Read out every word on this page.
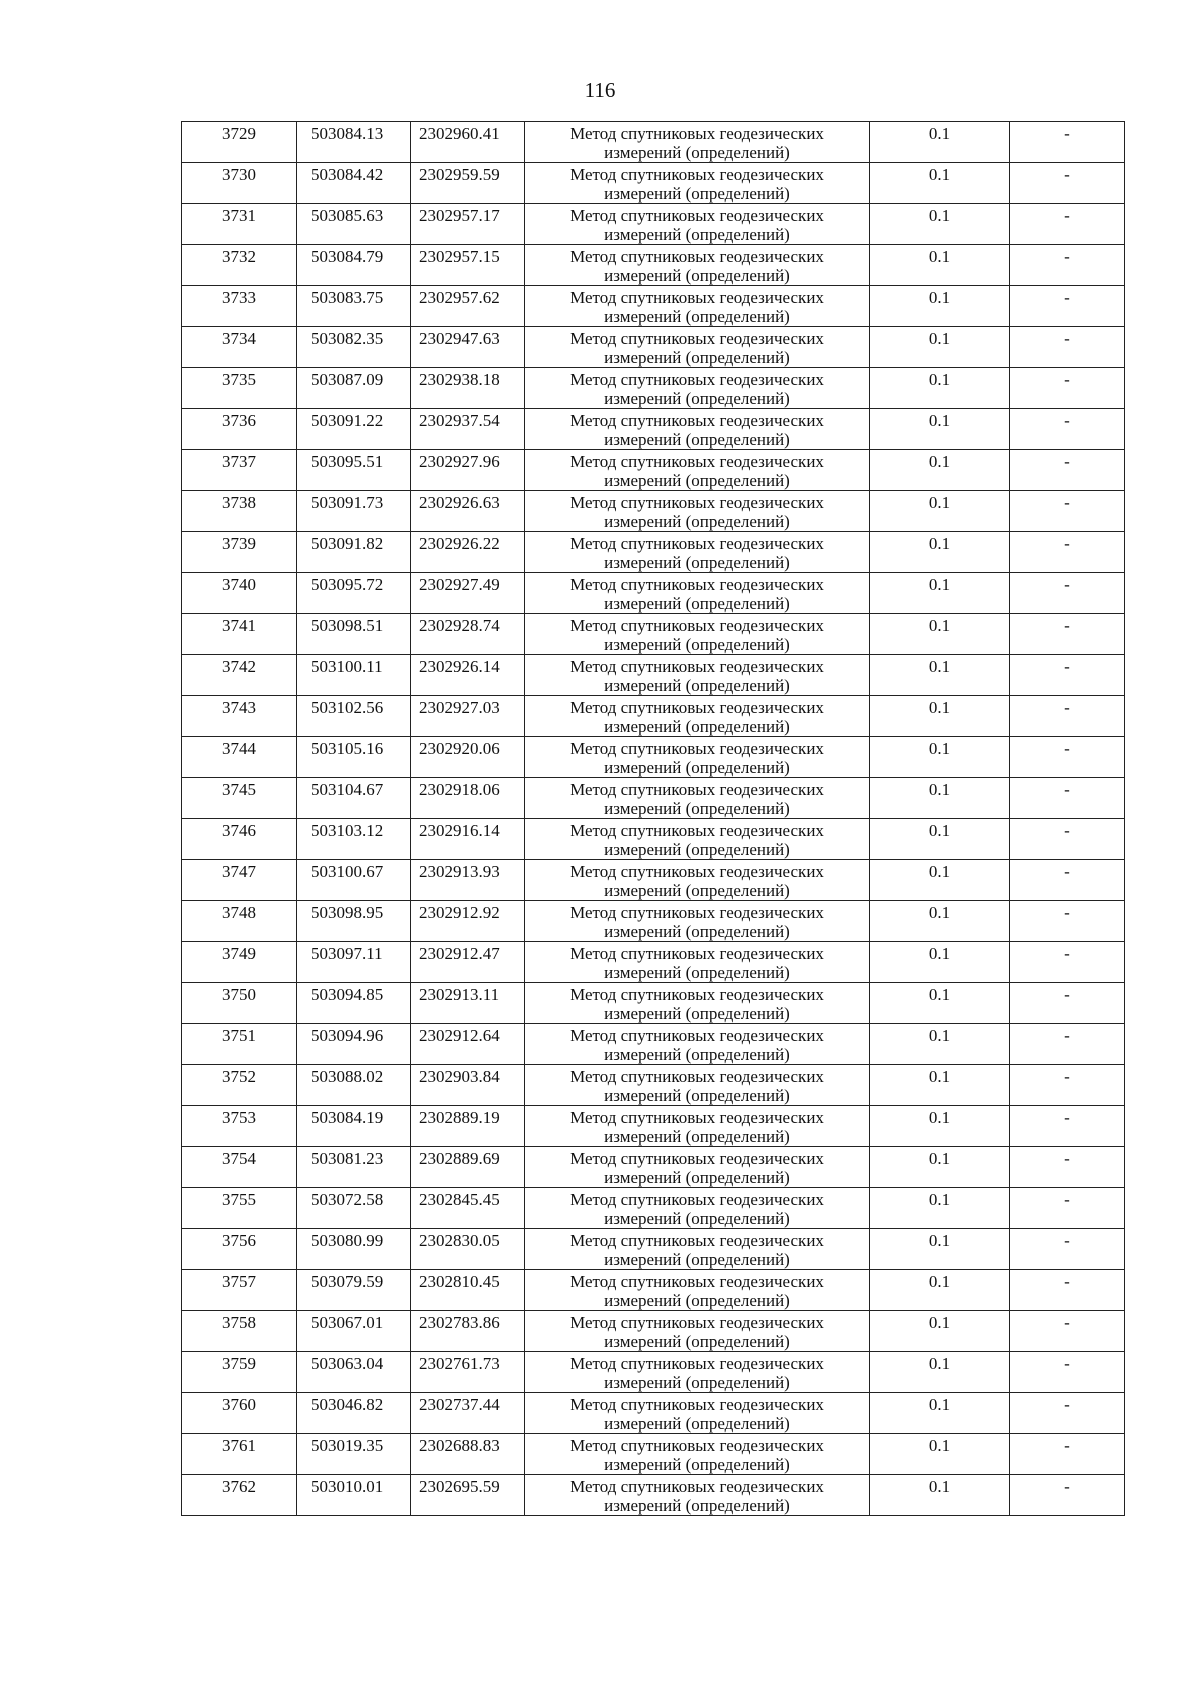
116
3729	503084.13	2302960.41	Метод спутниковых геодезических
измерений (определений)	0.1	-

3730	503084.42	2302959.59	Метод спутниковых геодезических
измерений (определений)	0.1	-

3731	503085.63	2302957.17	Метод спутниковых геодезических
измерений (определений)	0.1	-

3732	503084.79	2302957.15	Метод спутниковых геодезических
измерений (определений)	0.1	-

3733	503083.75	2302957.62	Метод спутниковых геодезических
измерений (определений)	0.1	-

3734	503082.35	2302947.63	Метод спутниковых геодезических
измерений (определений)	0.1	-

3735	503087.09	2302938.18	Метод спутниковых геодезических
измерений (определений)	0.1	-

3736	503091.22	2302937.54	Метод спутниковых геодезических
измерений (определений)	0.1	-

3737	503095.51	2302927.96	Метод спутниковых геодезических
измерений (определений)	0.1	-

3738	503091.73	2302926.63	Метод спутниковых геодезических
измерений (определений)	0.1	-

3739	503091.82	2302926.22	Метод спутниковых геодезических
измерений (определений)	0.1	-

3740	503095.72	2302927.49	Метод спутниковых геодезических
измерений (определений)	0.1	-

3741	503098.51	2302928.74	Метод спутниковых геодезических
измерений (определений)	0.1	-

3742	503100.11	2302926.14	Метод спутниковых геодезических
измерений (определений)	0.1	-

3743	503102.56	2302927.03	Метод спутниковых геодезических
измерений (определений)	0.1	-

3744	503105.16	2302920.06	Метод спутниковых геодезических
измерений (определений)	0.1	-

3745	503104.67	2302918.06	Метод спутниковых геодезических
измерений (определений)	0.1	-

3746	503103.12	2302916.14	Метод спутниковых геодезических
измерений (определений)	0.1	-

3747	503100.67	2302913.93	Метод спутниковых геодезических
измерений (определений)	0.1	-

3748	503098.95	2302912.92	Метод спутниковых геодезических
измерений (определений)	0.1	-

3749	503097.11	2302912.47	Метод спутниковых геодезических
измерений (определений)	0.1	-

3750	503094.85	2302913.11	Метод спутниковых геодезических
измерений (определений)	0.1	-

3751	503094.96	2302912.64	Метод спутниковых геодезических
измерений (определений)	0.1	-

3752	503088.02	2302903.84	Метод спутниковых геодезических
измерений (определений)	0.1	-

3753	503084.19	2302889.19	Метод спутниковых геодезических
измерений (определений)	0.1	-

3754	503081.23	2302889.69	Метод спутниковых геодезических
измерений (определений)	0.1	-

3755	503072.58	2302845.45	Метод спутниковых геодезических
измерений (определений)	0.1	-

3756	503080.99	2302830.05	Метод спутниковых геодезических
измерений (определений)	0.1	-

3757	503079.59	2302810.45	Метод спутниковых геодезических
измерений (определений)	0.1	-

3758	503067.01	2302783.86	Метод спутниковых геодезических
измерений (определений)	0.1	-

3759	503063.04	2302761.73	Метод спутниковых геодезических
измерений (определений)	0.1	-

3760	503046.82	2302737.44	Метод спутниковых геодезических
измерений (определений)	0.1	-

3761	503019.35	2302688.83	Метод спутниковых геодезических
измерений (определений)	0.1	-

3762	503010.01	2302695.59	Метод спутниковых геодезических
измерений (определений)	0.1	-
